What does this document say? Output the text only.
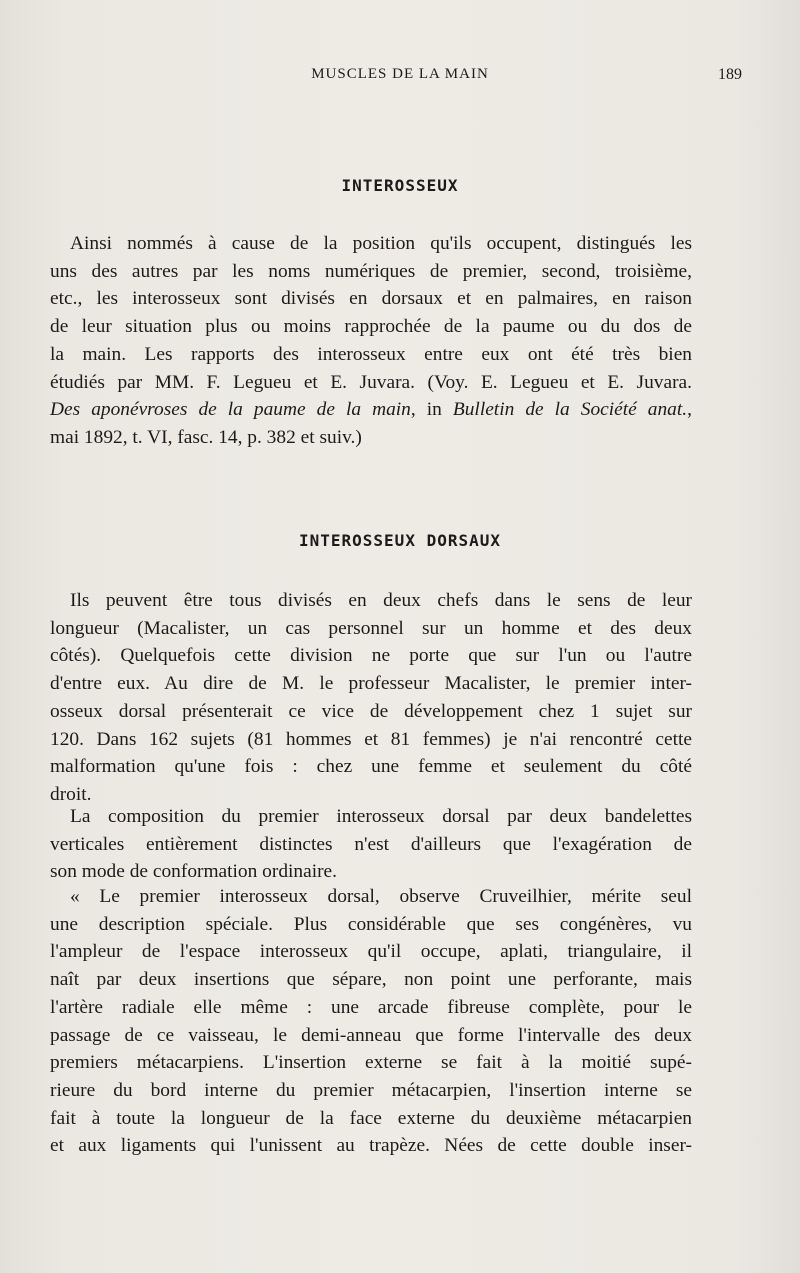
MUSCLES DE LA MAIN	189
INTEROSSEUX

Ainsi nommés à cause de la position qu'ils occupent, distingués les
uns des autres par les noms numériques de premier, second, troisième,
etc., les interosseux sont divisés en dorsaux et en palmaires, en raison
de leur situation plus ou moins rapprochée de la paume ou du dos de
la main. Les rapports des interosseux entre eux ont été très bien
étudiés par MM. F. Legueu et E. Juvara. (Voy. E. Legueu et E. Juvara.
Des aponévroses de la paume de la main, in Bulletin de la Société anat.,
mai 1892, t. VI, fasc. 14, p. 382 et suiv.)

INTEROSSEUX DORSAUX

Ils peuvent être tous divisés en deux chefs dans le sens de leur
longueur (Macalister, un cas personnel sur un homme et des deux
côtés). Quelquefois cette division ne porte que sur l'un ou l'autre
d'entre eux. Au dire de M. le professeur Macalister, le premier inter-
osseux dorsal présenterait ce vice de développement chez 1 sujet sur
120. Dans 162 sujets (81 hommes et 81 femmes) je n'ai rencontré cette
malformation qu'une fois : chez une femme et seulement du côté
droit.

La composition du premier interosseux dorsal par deux bandelettes
verticales entièrement distinctes n'est d'ailleurs que l'exagération de
son mode de conformation ordinaire.

« Le premier interosseux dorsal, observe Cruveilhier, mérite seul
une description spéciale. Plus considérable que ses congénères, vu
l'ampleur de l'espace interosseux qu'il occupe, aplati, triangulaire, il
naît par deux insertions que sépare, non point une perforante, mais
l'artère radiale elle même : une arcade fibreuse complète, pour le
passage de ce vaisseau, le demi-anneau que forme l'intervalle des deux
premiers métacarpiens. L'insertion externe se fait à la moitié supé-
rieure du bord interne du premier métacarpien, l'insertion interne se
fait à toute la longueur de la face externe du deuxième métacarpien
et aux ligaments qui l'unissent au trapèze. Nées de cette double inser-
